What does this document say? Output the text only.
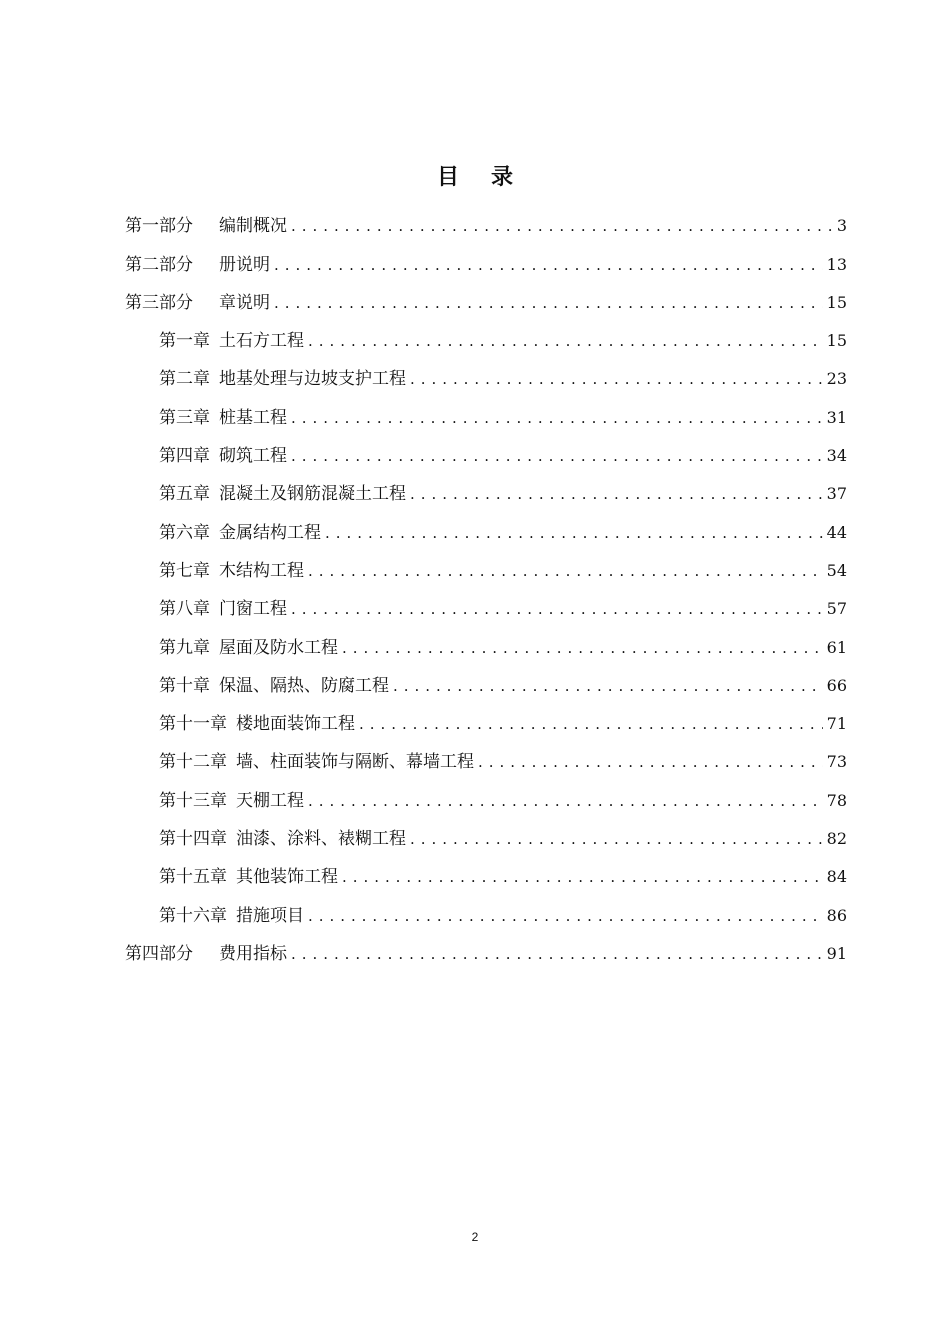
目 录
第一部分 编制概况 . . .	3
第二部分 册说明 . . .	13
第三部分 章说明 . . .	15
第一章 土石方工程 . . .	15
第二章 地基处理与边坡支护工程 . . .	23
第三章 桩基工程 . . .	31
第四章 砌筑工程 . . .	34
第五章 混凝土及钢筋混凝土工程 . . .	37
第六章 金属结构工程 . . .	44
第七章 木结构工程 . . .	54
第八章 门窗工程 . . .	57
第九章 屋面及防水工程 . . .	61
第十章 保温、隔热、防腐工程 . . .	66
第十一章 楼地面装饰工程 . . .	71
第十二章 墙、柱面装饰与隔断、幕墙工程 . . .	73
第十三章 天棚工程 . . .	78
第十四章 油漆、涂料、裱糊工程 . . .	82
第十五章 其他装饰工程 . . .	84
第十六章 措施项目 . . .	86
第四部分 费用指标 . . .	91
2
